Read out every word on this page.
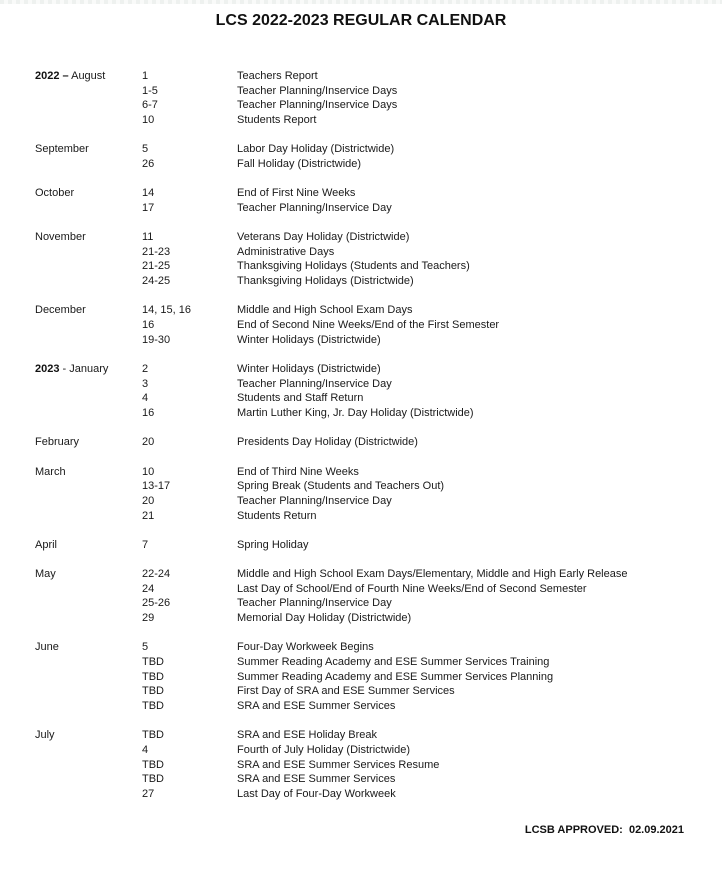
LCS 2022-2023 REGULAR CALENDAR
2022 – August	1	Teachers Report
1-5	Teacher Planning/Inservice Days
6-7	Teacher Planning/Inservice Days
10	Students Report
September	5	Labor Day Holiday (Districtwide)
26	Fall Holiday (Districtwide)
October	14	End of First Nine Weeks
17	Teacher Planning/Inservice Day
November	11	Veterans Day Holiday (Districtwide)
21-23	Administrative Days
21-25	Thanksgiving Holidays (Students and Teachers)
24-25	Thanksgiving Holidays (Districtwide)
December	14, 15, 16	Middle and High School Exam Days
16	End of Second Nine Weeks/End of the First Semester
19-30	Winter Holidays (Districtwide)
2023 - January	2	Winter Holidays (Districtwide)
3	Teacher Planning/Inservice Day
4	Students and Staff Return
16	Martin Luther King, Jr. Day Holiday (Districtwide)
February	20	Presidents Day Holiday (Districtwide)
March	10	End of Third Nine Weeks
13-17	Spring Break (Students and Teachers Out)
20	Teacher Planning/Inservice Day
21	Students Return
April	7	Spring Holiday
May	22-24	Middle and High School Exam Days/Elementary, Middle and High Early Release
24	Last Day of School/End of Fourth Nine Weeks/End of Second Semester
25-26	Teacher Planning/Inservice Day
29	Memorial Day Holiday (Districtwide)
June	5	Four-Day Workweek Begins
TBD	Summer Reading Academy and ESE Summer Services Training
TBD	Summer Reading Academy and ESE Summer Services Planning
TBD	First Day of SRA and ESE Summer Services
TBD	SRA and ESE Summer Services
July	TBD	SRA and ESE Holiday Break
4	Fourth of July Holiday (Districtwide)
TBD	SRA and ESE Summer Services Resume
TBD	SRA and ESE Summer Services
27	Last Day of Four-Day Workweek
LCSB APPROVED:  02.09.2021
